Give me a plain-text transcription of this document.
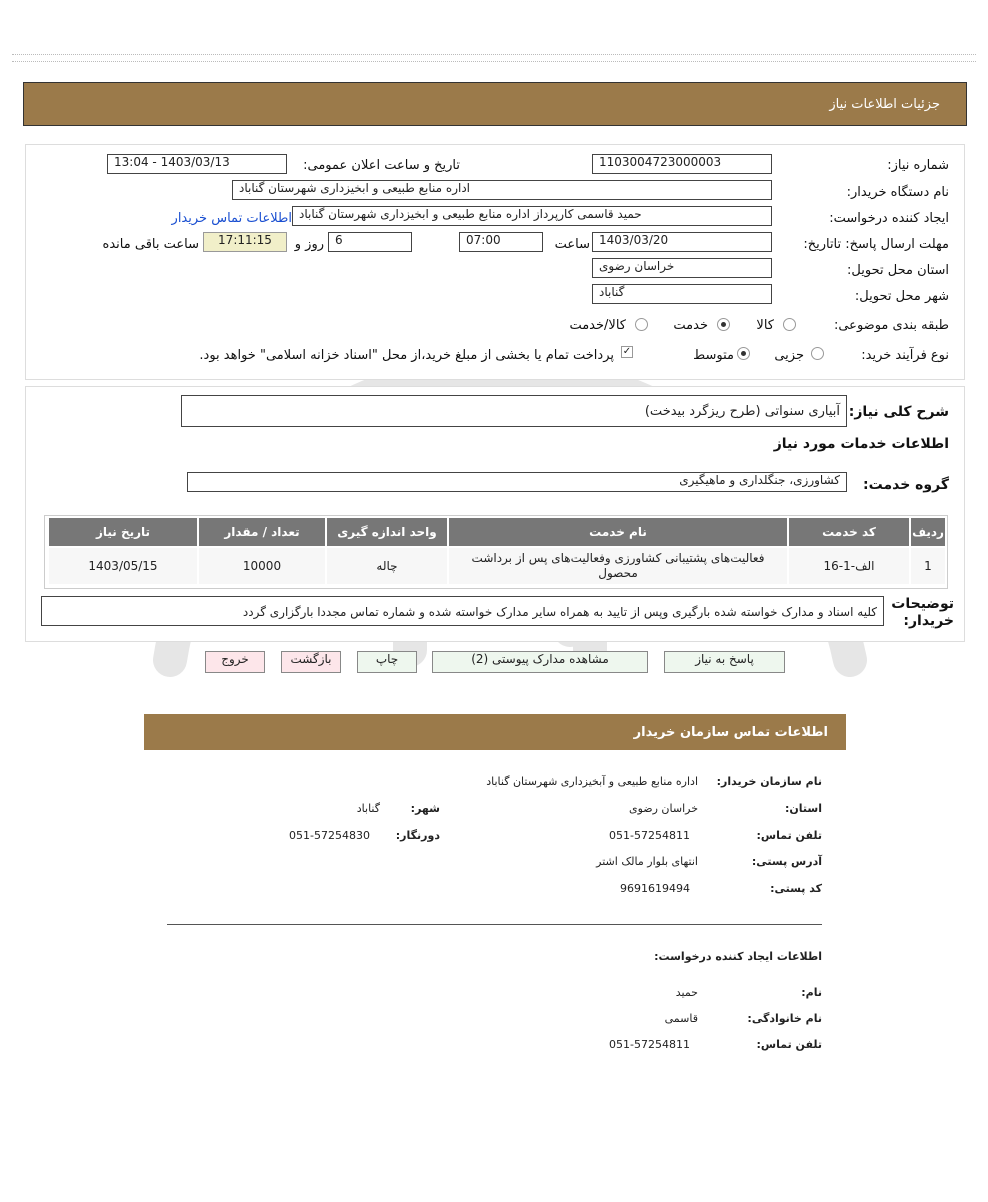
جزئیات اطلاعات نیاز
شماره نیاز:
1103004723000003
تاریخ و ساعت اعلان عمومی:
1403/03/13 - 13:04
نام دستگاه خریدار:
اداره منابع طبیعی و ابخیزداری شهرستان گناباد
ایجاد کننده درخواست:
حمید قاسمی کارپرداز اداره منابع طبیعی و ابخیزداری شهرستان گناباد
اطلاعات تماس خریدار
مهلت ارسال پاسخ: تاتاریخ:
1403/03/20
ساعت
07:00
6
روز و
17:11:15
ساعت باقی مانده
استان محل تحویل:
خراسان رضوی
شهر محل تحویل:
گناباد
طبقه بندی موضوعی:
کالا
خدمت
کالا/خدمت
نوع فرآیند خرید:
جزیی
متوسط
✓
پرداخت تمام یا بخشی از مبلغ خرید،از محل "اسناد خزانه اسلامی" خواهد بود.
شرح کلی نیاز:
آبیاری سنواتی (طرح ریزگرد بیدخت)
اطلاعات خدمات مورد نیاز
گروه خدمت:
کشاورزی، جنگلداری و ماهیگیری
ردیف	کد خدمت	نام خدمت	واحد اندازه گیری	تعداد / مقدار	تاریخ نیاز
1	الف-1-16	فعالیت‌های پشتیبانی کشاورزی وفعالیت‌های پس از برداشت محصول	چاله	10000	1403/05/15
توضیحات خریدار:
کلیه اسناد و مدارک خواسته شده بارگیری وپس از تایید به همراه سایر مدارک خواسته شده و شماره تماس مجددا بارگزاری گردد
پاسخ به نیاز
مشاهده مدارک پیوستی (2)
چاپ
بازگشت
خروج
اطلاعات تماس سازمان خریدار
نام سازمان خریدار:
اداره منابع طبیعی و آبخیزداری شهرستان گناباد
استان:
خراسان رضوی
شهر:
گناباد
تلفن تماس:
051-57254811
دورنگار:
051-57254830
آدرس پستی:
انتهای بلوار مالک اشتر
کد پستی:
9691619494
اطلاعات ایجاد کننده درخواست:
نام:
حمید
نام خانوادگی:
قاسمی
تلفن تماس:
051-57254811
